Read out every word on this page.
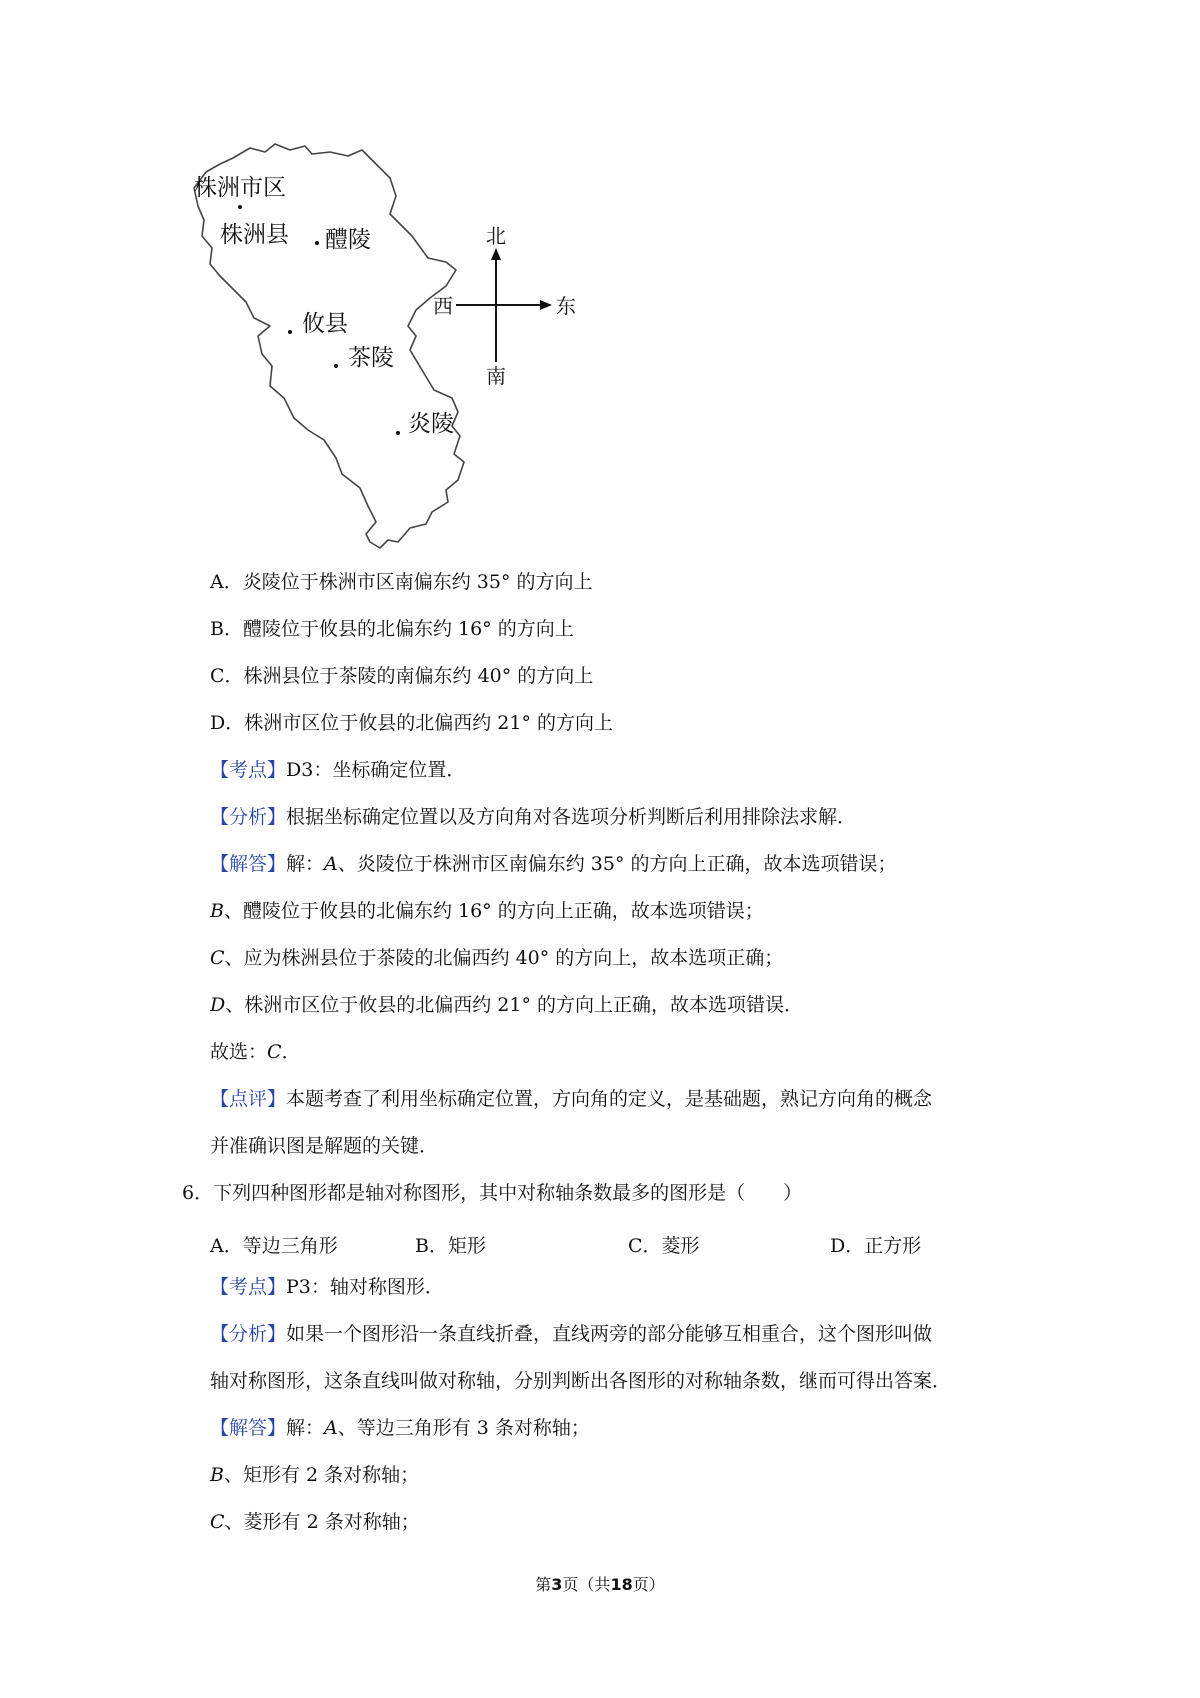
株洲市区
株洲县 醴陵
攸县
茶陵
炎陵
北
西	东
南
A．炎陵位于株洲市区南偏东约 35° 的方向上
B．醴陵位于攸县的北偏东约 16° 的方向上
C．株洲县位于茶陵的南偏东约 40° 的方向上
D．株洲市区位于攸县的北偏西约 21° 的方向上
【考点】D3：坐标确定位置．
【分析】根据坐标确定位置以及方向角对各选项分析判断后利用排除法求解．
【解答】解：A、炎陵位于株洲市区南偏东约 35° 的方向上正确，故本选项错误；
B、醴陵位于攸县的北偏东约 16° 的方向上正确，故本选项错误；
C、应为株洲县位于茶陵的北偏西约 40° 的方向上，故本选项正确；
D、株洲市区位于攸县的北偏西约 21° 的方向上正确，故本选项错误．
故选：C．
【点评】本题考查了利用坐标确定位置，方向角的定义，是基础题，熟记方向角的概念
并准确识图是解题的关键．
6．下列四种图形都是轴对称图形，其中对称轴条数最多的图形是（　　）
A．等边三角形	B．矩形	C．菱形	D．正方形
【考点】P3：轴对称图形．
【分析】如果一个图形沿一条直线折叠，直线两旁的部分能够互相重合，这个图形叫做
轴对称图形，这条直线叫做对称轴，分别判断出各图形的对称轴条数，继而可得出答案．
【解答】解：A、等边三角形有 3 条对称轴；
B、矩形有 2 条对称轴；
C、菱形有 2 条对称轴；
第3页（共18页）
